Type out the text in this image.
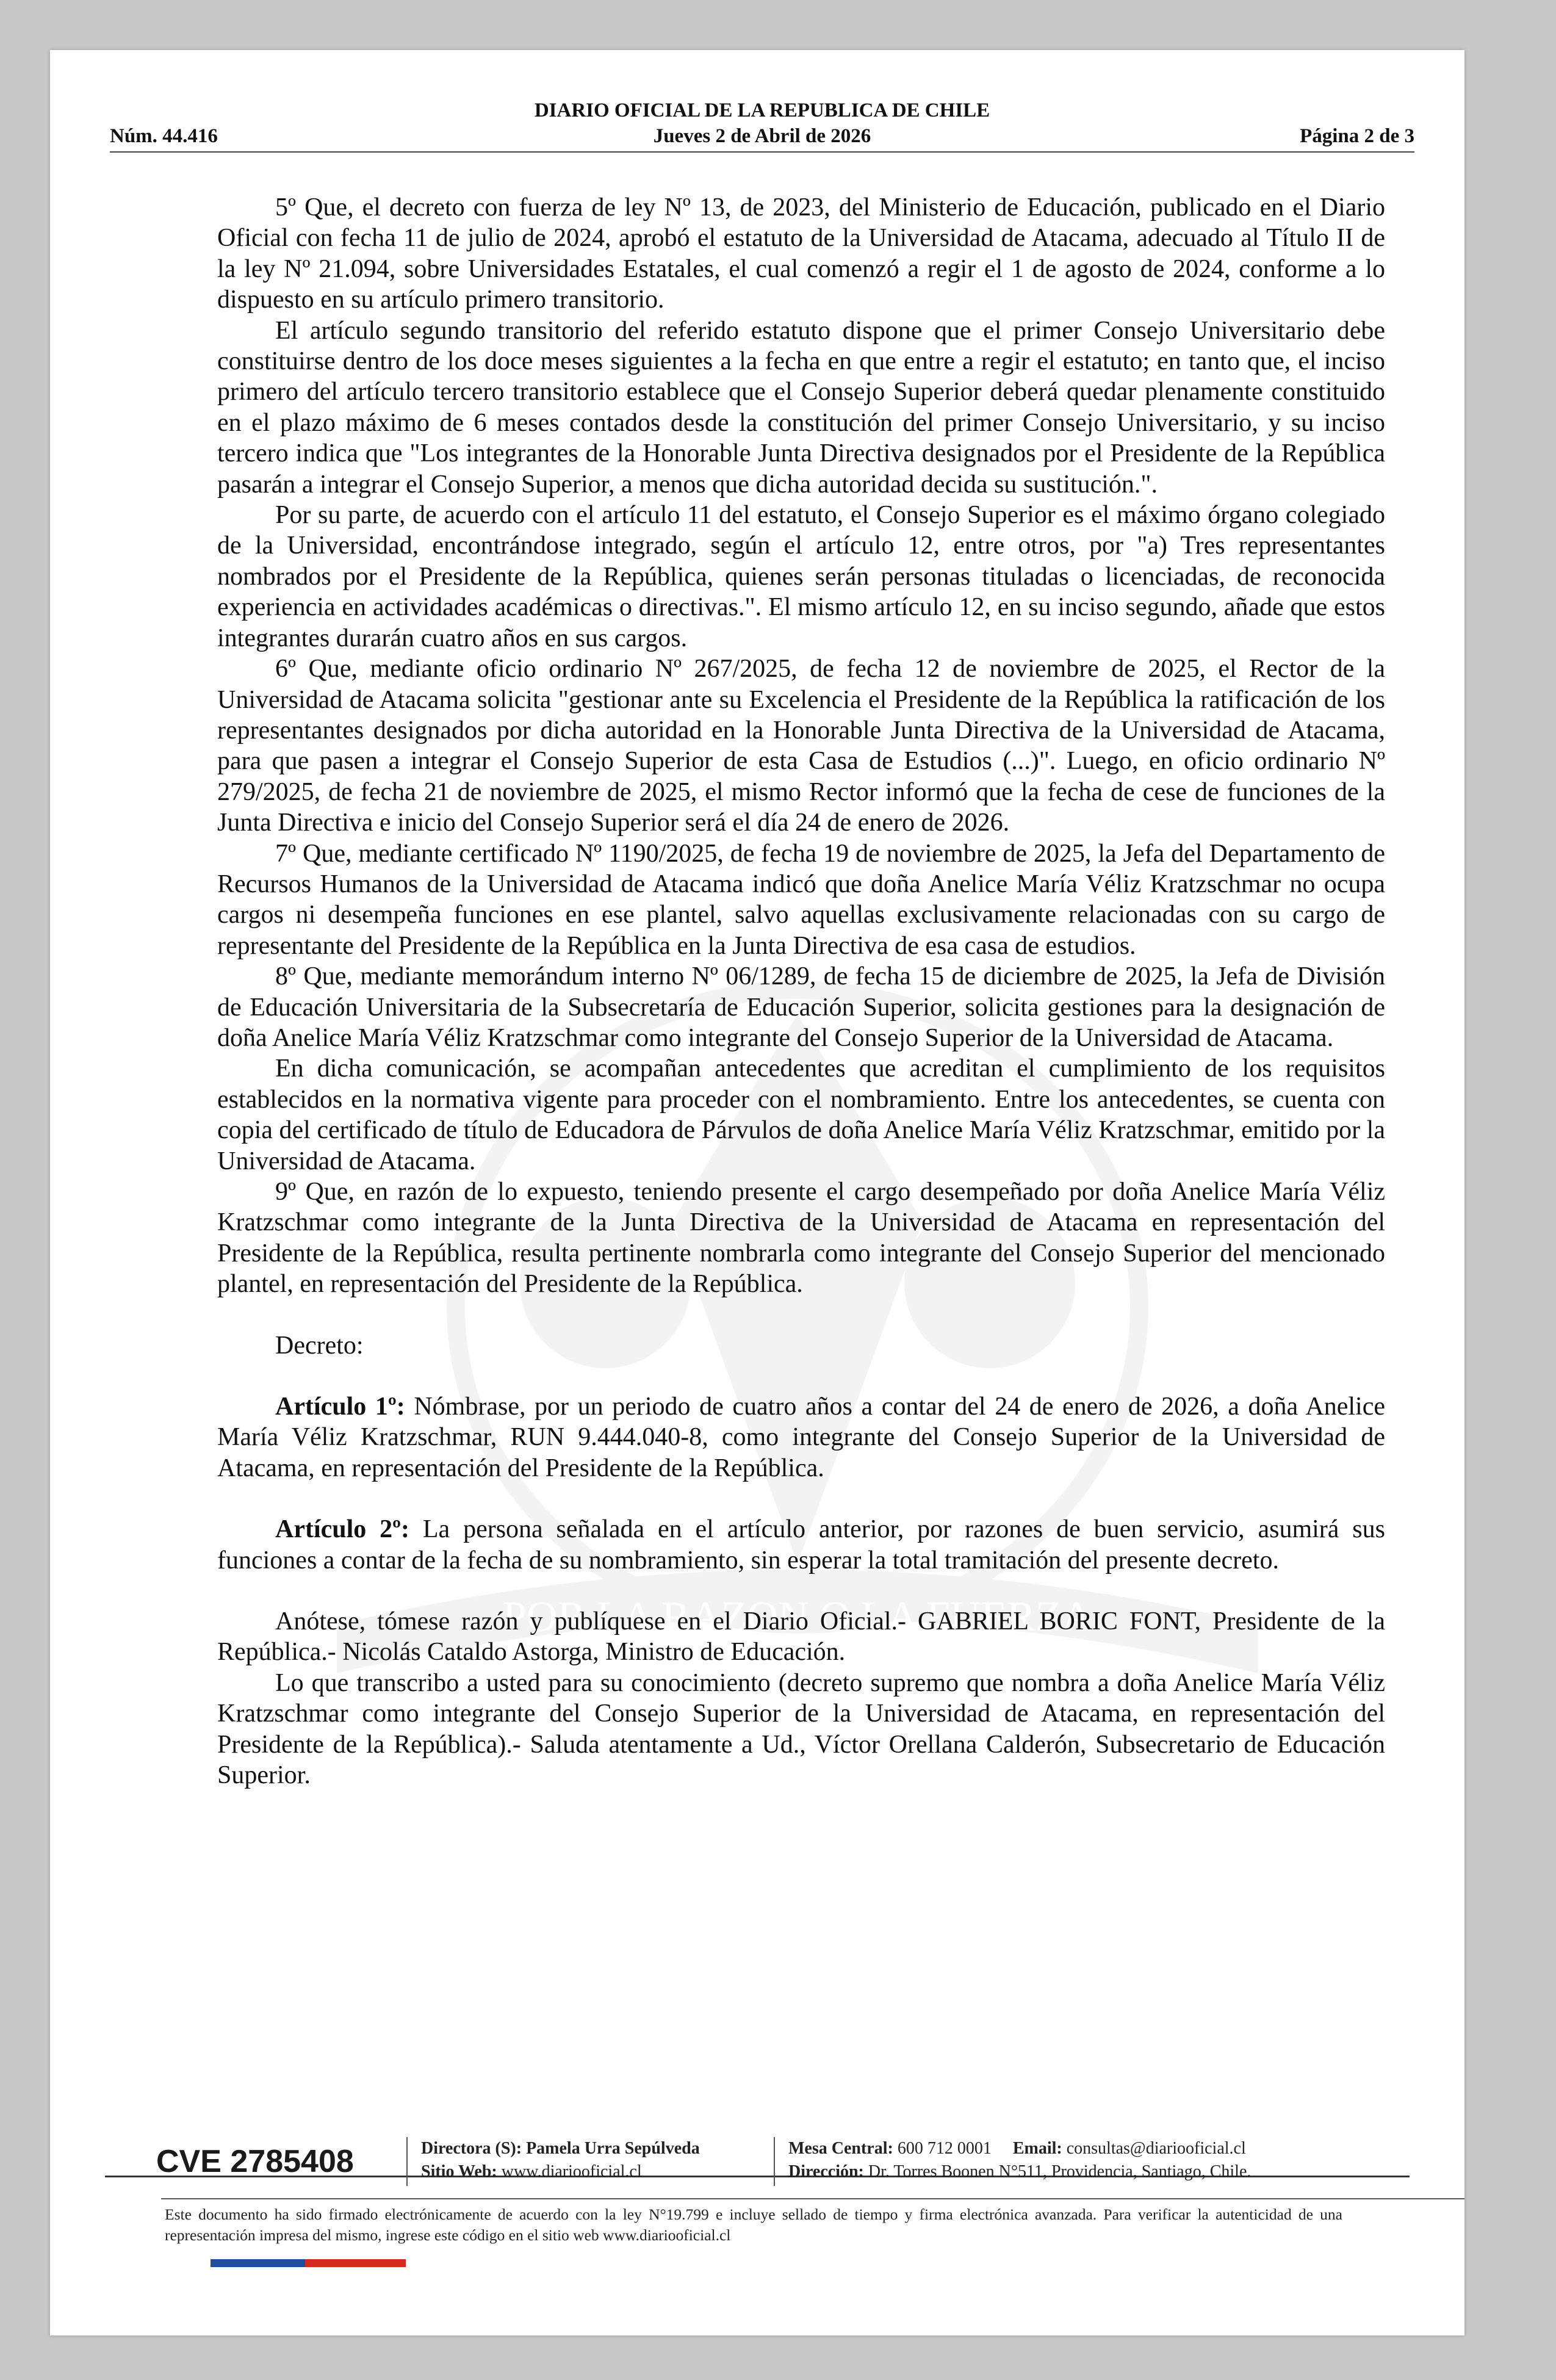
DIARIO OFICIAL DE LA REPUBLICA DE CHILE
Núm. 44.416	Jueves 2 de Abril de 2026	Página 2 de 3

5º Que, el decreto con fuerza de ley Nº 13, de 2023, del Ministerio de Educación, publicado en el Diario Oficial con fecha 11 de julio de 2024, aprobó el estatuto de la Universidad de Atacama, adecuado al Título II de la ley Nº 21.094, sobre Universidades Estatales, el cual comenzó a regir el 1 de agosto de 2024, conforme a lo dispuesto en su artículo primero transitorio.

El artículo segundo transitorio del referido estatuto dispone que el primer Consejo Universitario debe constituirse dentro de los doce meses siguientes a la fecha en que entre a regir el estatuto; en tanto que, el inciso primero del artículo tercero transitorio establece que el Consejo Superior deberá quedar plenamente constituido en el plazo máximo de 6 meses contados desde la constitución del primer Consejo Universitario, y su inciso tercero indica que "Los integrantes de la Honorable Junta Directiva designados por el Presidente de la República pasarán a integrar el Consejo Superior, a menos que dicha autoridad decida su sustitución.".

Por su parte, de acuerdo con el artículo 11 del estatuto, el Consejo Superior es el máximo órgano colegiado de la Universidad, encontrándose integrado, según el artículo 12, entre otros, por "a) Tres representantes nombrados por el Presidente de la República, quienes serán personas tituladas o licenciadas, de reconocida experiencia en actividades académicas o directivas.". El mismo artículo 12, en su inciso segundo, añade que estos integrantes durarán cuatro años en sus cargos.

6º Que, mediante oficio ordinario Nº 267/2025, de fecha 12 de noviembre de 2025, el Rector de la Universidad de Atacama solicita "gestionar ante su Excelencia el Presidente de la República la ratificación de los representantes designados por dicha autoridad en la Honorable Junta Directiva de la Universidad de Atacama, para que pasen a integrar el Consejo Superior de esta Casa de Estudios (...)". Luego, en oficio ordinario Nº 279/2025, de fecha 21 de noviembre de 2025, el mismo Rector informó que la fecha de cese de funciones de la Junta Directiva e inicio del Consejo Superior será el día 24 de enero de 2026.

7º Que, mediante certificado Nº 1190/2025, de fecha 19 de noviembre de 2025, la Jefa del Departamento de Recursos Humanos de la Universidad de Atacama indicó que doña Anelice María Véliz Kratzschmar no ocupa cargos ni desempeña funciones en ese plantel, salvo aquellas exclusivamente relacionadas con su cargo de representante del Presidente de la República en la Junta Directiva de esa casa de estudios.

8º Que, mediante memorándum interno Nº 06/1289, de fecha 15 de diciembre de 2025, la Jefa de División de Educación Universitaria de la Subsecretaría de Educación Superior, solicita gestiones para la designación de doña Anelice María Véliz Kratzschmar como integrante del Consejo Superior de la Universidad de Atacama.

En dicha comunicación, se acompañan antecedentes que acreditan el cumplimiento de los requisitos establecidos en la normativa vigente para proceder con el nombramiento. Entre los antecedentes, se cuenta con copia del certificado de título de Educadora de Párvulos de doña Anelice María Véliz Kratzschmar, emitido por la Universidad de Atacama.

9º Que, en razón de lo expuesto, teniendo presente el cargo desempeñado por doña Anelice María Véliz Kratzschmar como integrante de la Junta Directiva de la Universidad de Atacama en representación del Presidente de la República, resulta pertinente nombrarla como integrante del Consejo Superior del mencionado plantel, en representación del Presidente de la República.

Decreto:

Artículo 1º: Nómbrase, por un periodo de cuatro años a contar del 24 de enero de 2026, a doña Anelice María Véliz Kratzschmar, RUN 9.444.040-8, como integrante del Consejo Superior de la Universidad de Atacama, en representación del Presidente de la República.

Artículo 2º: La persona señalada en el artículo anterior, por razones de buen servicio, asumirá sus funciones a contar de la fecha de su nombramiento, sin esperar la total tramitación del presente decreto.

Anótese, tómese razón y publíquese en el Diario Oficial.- GABRIEL BORIC FONT, Presidente de la República.- Nicolás Cataldo Astorga, Ministro de Educación.

Lo que transcribo a usted para su conocimiento (decreto supremo que nombra a doña Anelice María Véliz Kratzschmar como integrante del Consejo Superior de la Universidad de Atacama, en representación del Presidente de la República).- Saluda atentamente a Ud., Víctor Orellana Calderón, Subsecretario de Educación Superior.

CVE 2785408	Directora (S): Pamela Urra Sepúlveda
Sitio Web: www.diariooficial.cl
Mesa Central: 600 712 0001 Email: consultas@diariooficial.cl
Dirección: Dr. Torres Boonen N°511, Providencia, Santiago, Chile.
Este documento ha sido firmado electrónicamente de acuerdo con la ley N°19.799 e incluye sellado de tiempo y firma electrónica avanzada. Para verificar la autenticidad de una representación impresa del mismo, ingrese este código en el sitio web www.diariooficial.cl
